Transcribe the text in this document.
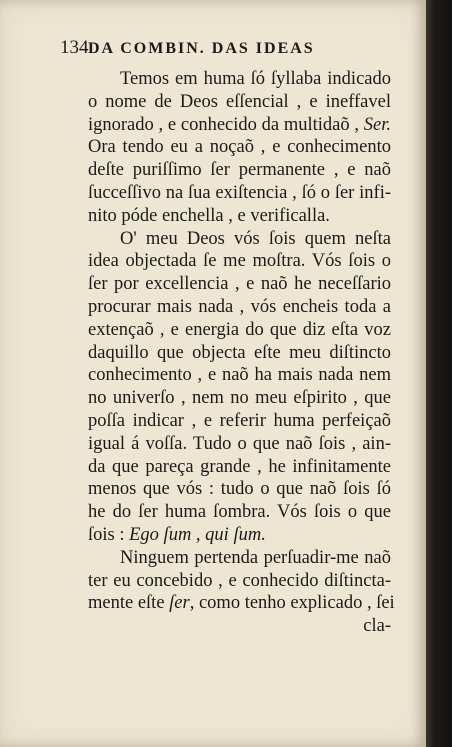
134 DA COMBIN. DAS IDEAS
Temos em huma ſó ſyllaba indicado
o nome de Deos eſſencial , e ineffavel
ignorado , e conhecido da multidaõ , Ser.
Ora tendo eu a noçaõ , e conhecimento
deſte puriſſimo ſer permanente , e naõ
ſucceſſivo na ſua exiſtencia , ſó o ſer infi-
nito póde enchella , e verificalla.
O' meu Deos vós ſois quem neſta
idea objectada ſe me moſtra. Vós ſois o
ſer por excellencia , e naõ he neceſſario
procurar mais nada , vós encheis toda a
extençaõ , e energia do que diz eſta voz
daquillo que objecta eſte meu diſtincto
conhecimento , e naõ ha mais nada nem
no univerſo , nem no meu eſpirito , que
poſſa indicar , e referir huma perfeiçaõ
igual á voſſa. Tudo o que naõ ſois , ain-
da que pareça grande , he infinitamente
menos que vós : tudo o que naõ ſois ſó
he do ſer huma ſombra. Vós ſois o que
ſois : Ego ſum , qui ſum.
Ninguem pertenda perſuadir-me naõ
ter eu concebido , e conhecido diſtincta-
mente eſte ſer, como tenho explicado , ſei
cla-
